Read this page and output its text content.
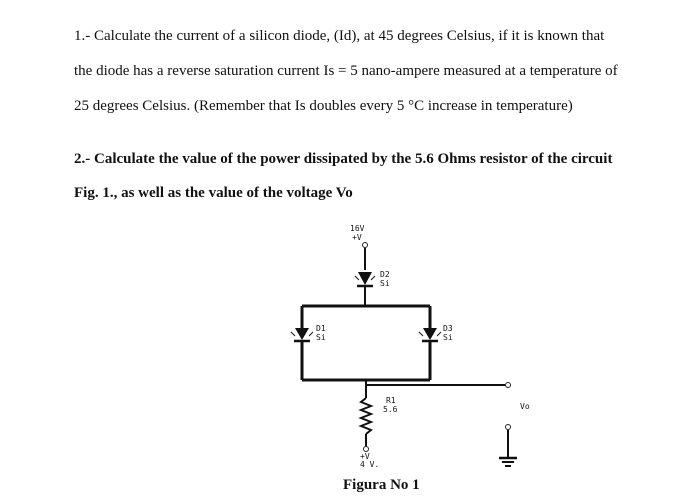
1.- Calculate the current of a silicon diode, (Id), at 45 degrees Celsius, if it is known that
the diode has a reverse saturation current Is = 5 nano-ampere measured at a temperature of
25 degrees Celsius. (Remember that Is doubles every 5 °C increase in temperature)
2.- Calculate the value of the power dissipated by the 5.6 Ohms resistor of the circuit
Fig. 1., as well as the value of the voltage Vo
16V
+V
D2
Si
D1
Si
D3
Si
Vo
R1
5.6
+V
4 V.
Figura No 1
